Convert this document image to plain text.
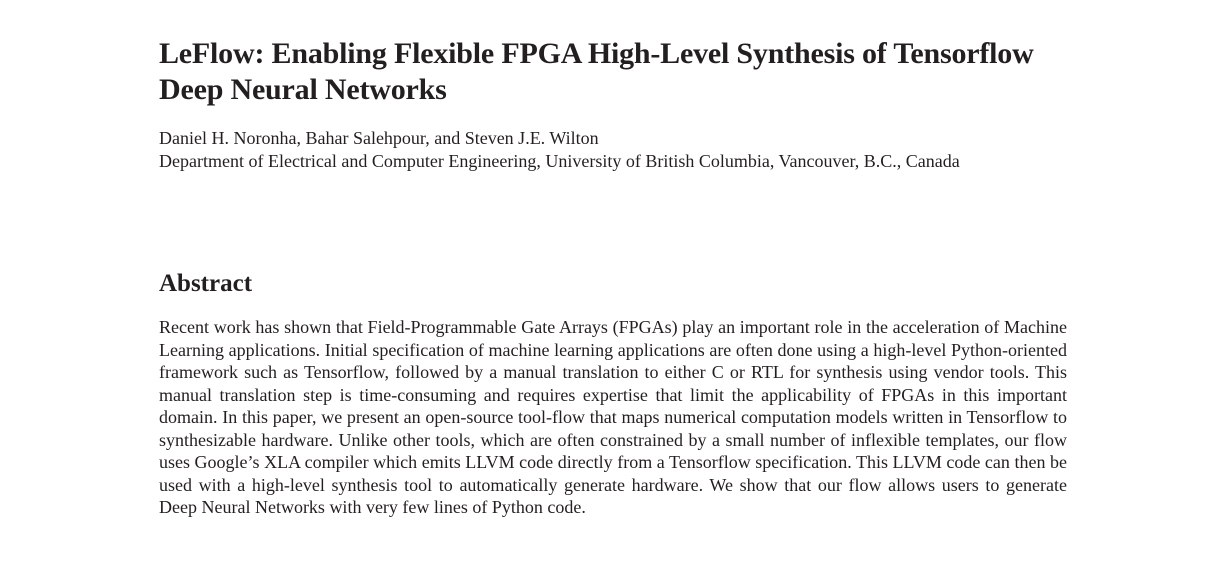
LeFlow: Enabling Flexible FPGA High-Level Synthesis of Tensorflow Deep Neural Networks

Daniel H. Noronha, Bahar Salehpour, and Steven J.E. Wilton

Department of Electrical and Computer Engineering, University of British Columbia, Vancouver, B.C., Canada

Abstract

Recent work has shown that Field-Programmable Gate Arrays (FPGAs) play an important role in the acceleration of Machine Learning applications. Initial specification of machine learning applications are often done using a high-level Python-oriented framework such as Tensorflow, followed by a manual translation to either C or RTL for synthesis using vendor tools. This manual translation step is time-consuming and requires expertise that limit the applicability of FPGAs in this important domain. In this paper, we present an open-source tool-flow that maps numerical computation models written in Tensorflow to synthesizable hardware. Unlike other tools, which are often constrained by a small number of inflexible templates, our flow uses Google’s XLA compiler which emits LLVM code directly from a Tensorflow specification. This LLVM code can then be used with a high-level synthesis tool to automatically generate hardware. We show that our flow allows users to generate Deep Neural Networks with very few lines of Python code.
